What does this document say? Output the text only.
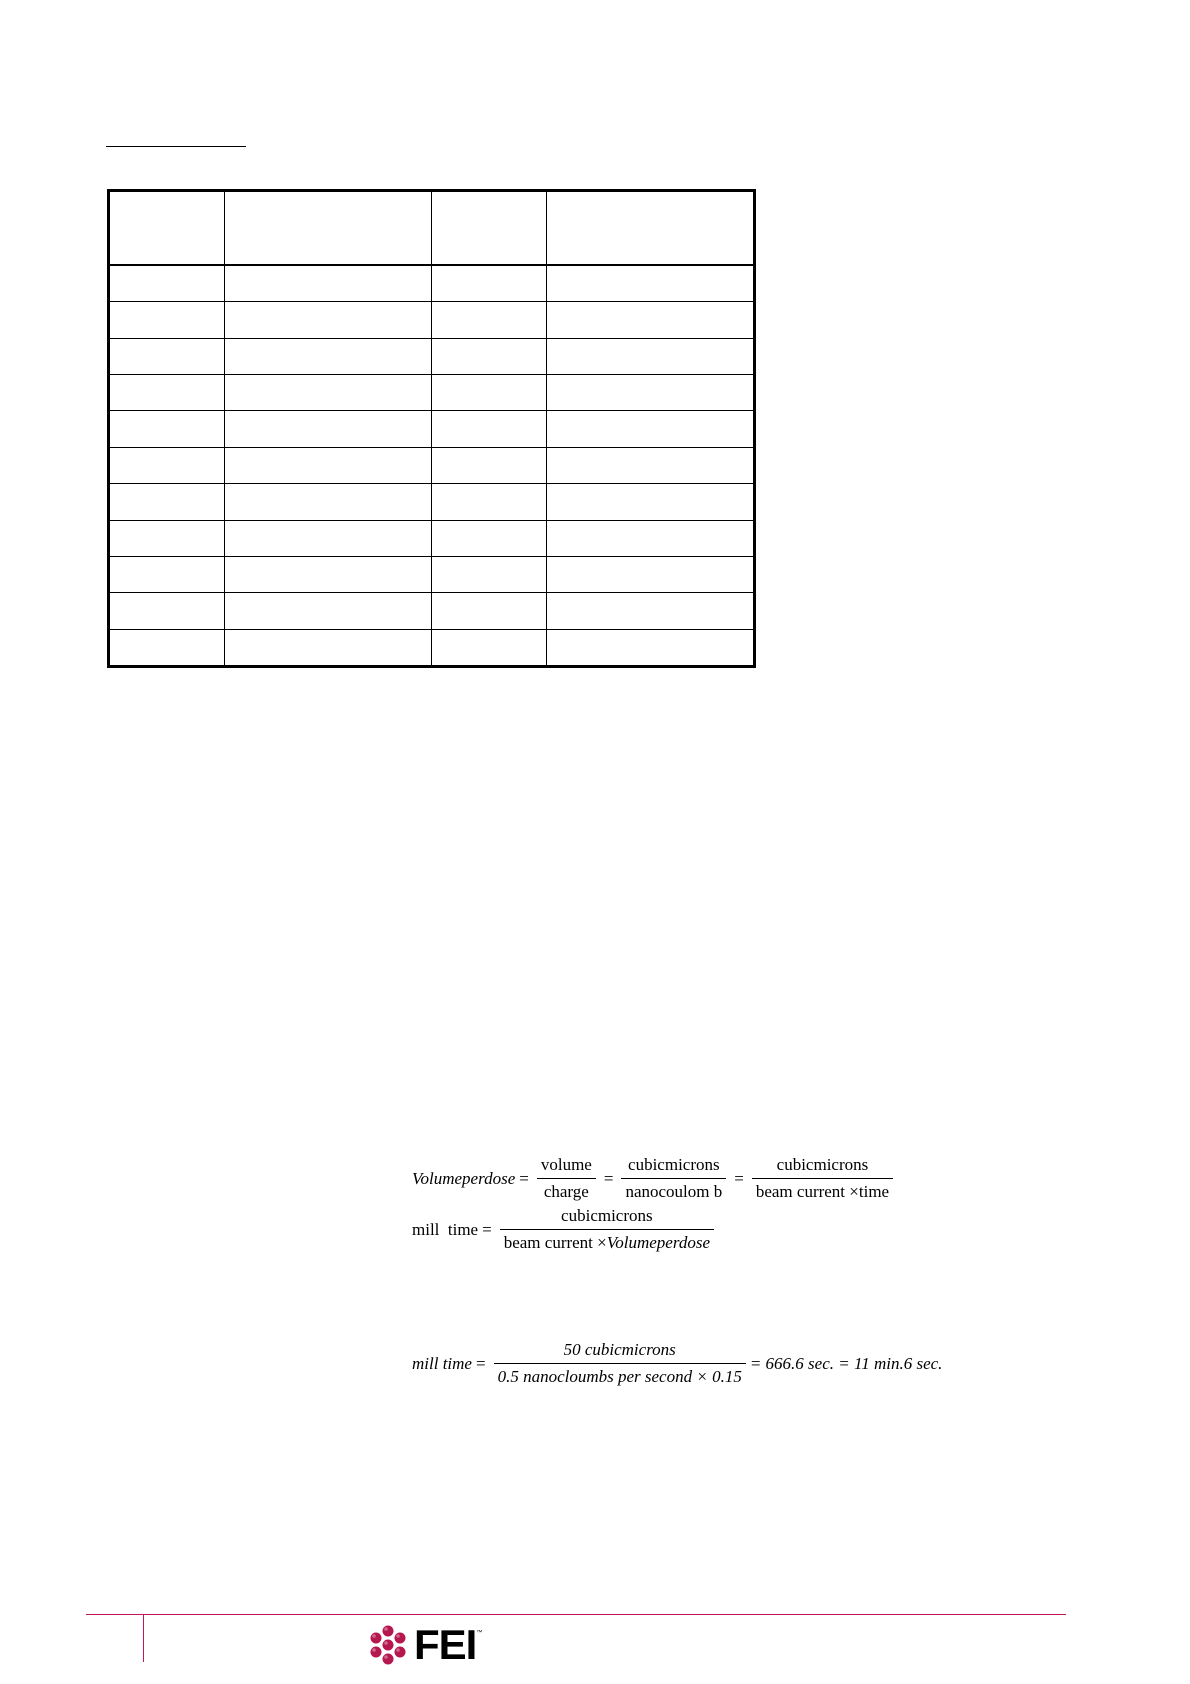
Volumeperdose = $\frac{\text{volume}}{\text{charge}} = \frac{\text{cubicmicrons}}{\text{nanocoulom b}} = \frac{\text{cubicmicrons}}{\text{beam current ×time}}$
mill  time = $\frac{\text{cubicmicrons}}{\text{beam current ×Volumeperdose}}$
mill time = $\frac{\text{50 cubicmicrons}}{\text{0.5 nanocloumbs per second × 0.15}} = 666.6$ sec. = 11 min.6 sec.
FEI ™
